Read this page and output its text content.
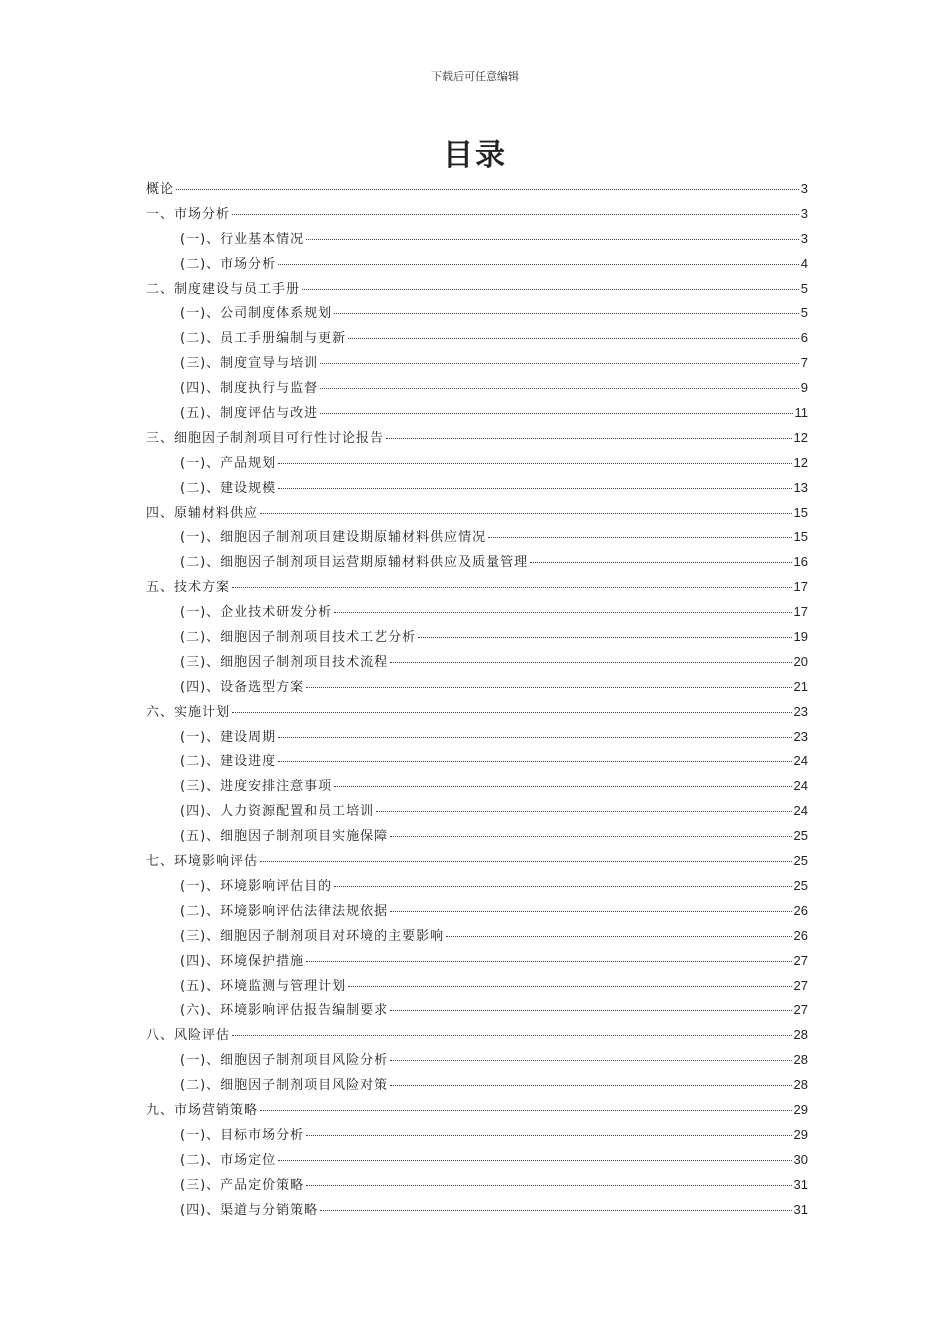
下载后可任意编辑
目录
概论	3
一、市场分析	3
(一)、行业基本情况	3
(二)、市场分析	4
二、制度建设与员工手册	5
(一)、公司制度体系规划	5
(二)、员工手册编制与更新	6
(三)、制度宣导与培训	7
(四)、制度执行与监督	9
(五)、制度评估与改进	11
三、细胞因子制剂项目可行性讨论报告	12
(一)、产品规划	12
(二)、建设规模	13
四、原辅材料供应	15
(一)、细胞因子制剂项目建设期原辅材料供应情况	15
(二)、细胞因子制剂项目运营期原辅材料供应及质量管理	16
五、技术方案	17
(一)、企业技术研发分析	17
(二)、细胞因子制剂项目技术工艺分析	19
(三)、细胞因子制剂项目技术流程	20
(四)、设备选型方案	21
六、实施计划	23
(一)、建设周期	23
(二)、建设进度	24
(三)、进度安排注意事项	24
(四)、人力资源配置和员工培训	24
(五)、细胞因子制剂项目实施保障	25
七、环境影响评估	25
(一)、环境影响评估目的	25
(二)、环境影响评估法律法规依据	26
(三)、细胞因子制剂项目对环境的主要影响	26
(四)、环境保护措施	27
(五)、环境监测与管理计划	27
(六)、环境影响评估报告编制要求	27
八、风险评估	28
(一)、细胞因子制剂项目风险分析	28
(二)、细胞因子制剂项目风险对策	28
九、市场营销策略	29
(一)、目标市场分析	29
(二)、市场定位	30
(三)、产品定价策略	31
(四)、渠道与分销策略	31
